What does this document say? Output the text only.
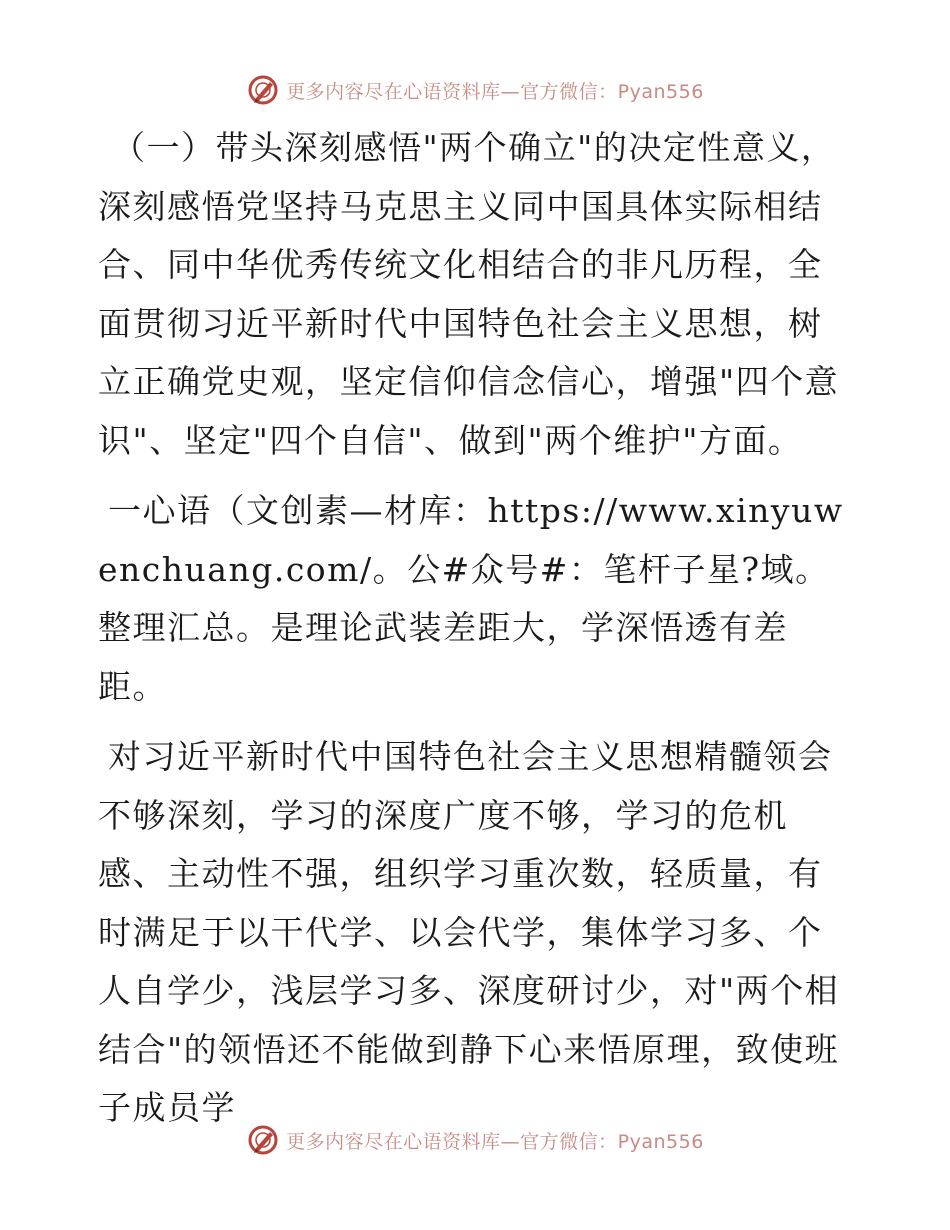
更多内容尽在心语资料库—官方微信：Pyan556

（一）带头深刻感悟"两个确立"的决定性意义，深刻感悟党坚持马克思主义同中国具体实际相结合、同中华优秀传统文化相结合的非凡历程，全面贯彻习近平新时代中国特色社会主义思想，树立正确党史观，坚定信仰信念信心，增强"四个意识"、坚定"四个自信"、做到"两个维护"方面。

一心语（文创素—材库：https://www.xinyuwenchuang.com/。公#众号#：笔杆子星?域。整理汇总。是理论武装差距大，学深悟透有差距。

对习近平新时代中国特色社会主义思想精髓领会不够深刻，学习的深度广度不够，学习的危机感、主动性不强，组织学习重次数，轻质量，有时满足于以干代学、以会代学，集体学习多、个人自学少，浅层学习多、深度研讨少，对"两个相结合"的领悟还不能做到静下心来悟原理，致使班子成员学

更多内容尽在心语资料库—官方微信：Pyan556
